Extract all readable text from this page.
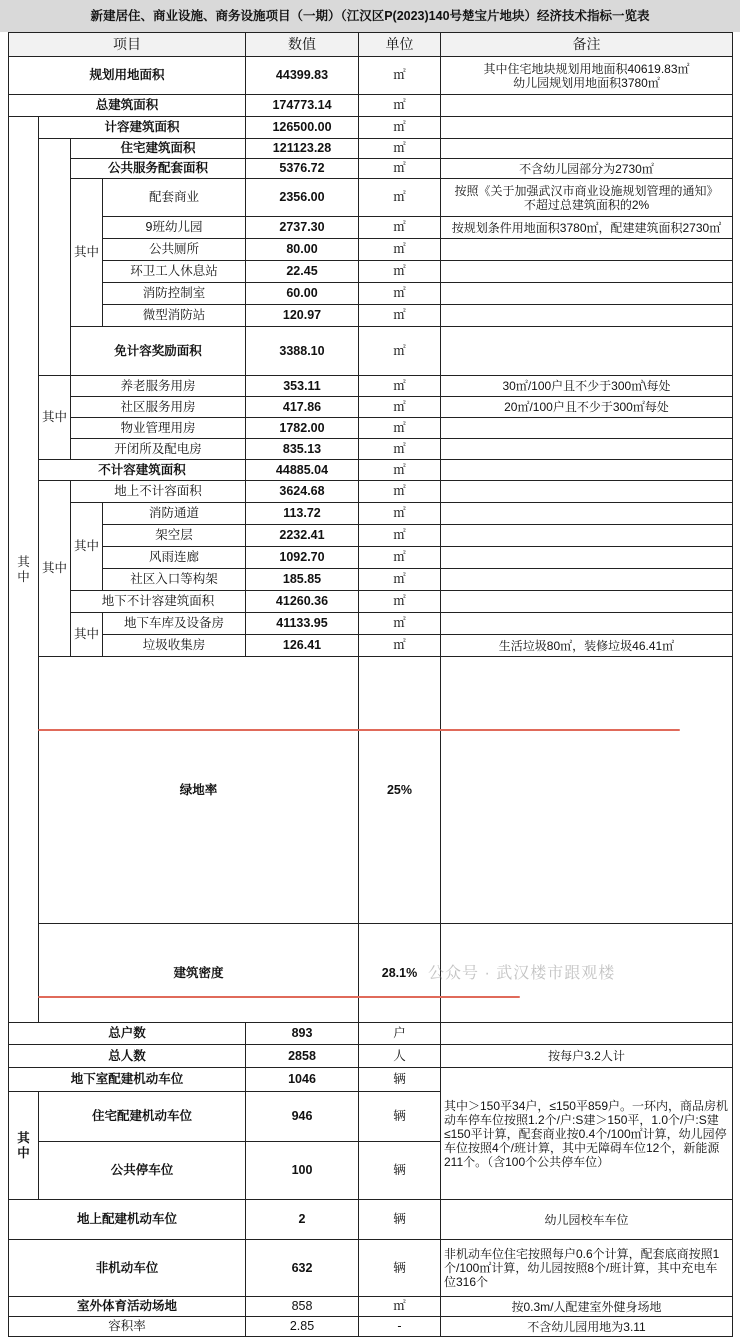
新建居住、商业设施、商务设施项目（一期）（江汉区P(2023)140号楚宝片地块）经济技术指标一览表
项目				数值	单位	备注	
规划用地面积				44399.83	㎡	其中住宅地块规划用地面积40619.83㎡
幼儿园规划用地面积3780㎡	

总建筑面积				174773.14	㎡		
其中	计容建筑面积			126500.00	㎡		
		住宅建筑面积		121123.28	㎡		
		公共服务配套面积		5376.72	㎡	不含幼儿园部分为2730㎡	
		其中	配套商业	2356.00	㎡	按照《关于加强武汉市商业设施规划管理的通知》
不超过总建筑面积的2%	

			9班幼儿园	2737.30	㎡	按规划条件用地面积3780㎡，配建建筑面积2730㎡	
			公共厕所	80.00	㎡		
			环卫工人休息站	22.45	㎡		
			消防控制室	60.00	㎡		
			微型消防站	120.97	㎡		
		免计容奖励面积		3388.10	㎡		
	其中	养老服务用房		353.11	㎡	30㎡/100户且不少于300㎡\每处	
		社区服务用房		417.86	㎡	20㎡/100户且不少于300㎡每处	
		物业管理用房		1782.00	㎡		
		开闭所及配电房		835.13	㎡		
	不计容建筑面积			44885.04	㎡		
	其中	地上不计容面积		3624.68	㎡		
		其中	消防通道	113.72	㎡		
			架空层	2232.41	㎡		
			风雨连廊	1092.70	㎡		
			社区入口等构架	185.85	㎡		
		地下不计容建筑面积		41260.36	㎡		
		其中	地下车库及设备房	41133.95	㎡		
			垃圾收集房	126.41	㎡	生活垃圾80㎡，装修垃圾46.41㎡	
	绿地率				25%		
	建筑密度				28.1%		
总户数				893	户		
总人数				2858	人	按每户3.2人计	
地下室配建机动车位				1046	辆	其中＞150平34户，≤150平859户。一环内，商品房机动车停车位按照1.2个/户:S建＞150平，1.0个/户:S建≤150平计算，配套商业按0.4个/100㎡计算，幼儿园停车位按照4个/班计算，其中无障碍车位12个，新能源211个。（含100个公共停车位）	
其中	住宅配建机动车位			946	辆		
	公共停车位			100	辆		
地上配建机动车位				2	辆	幼儿园校车车位	
非机动车位				632	辆	非机动车位住宅按照每户0.6个计算，配套底商按照1个/100㎡计算，幼儿园按照8个/班计算，其中充电车位316个	
室外体育活动场地				858	㎡	按0.3m/人配建室外健身场地	
容积率				2.85	-	不含幼儿园用地为3.11	
公众号 · 武汉楼市跟观楼
